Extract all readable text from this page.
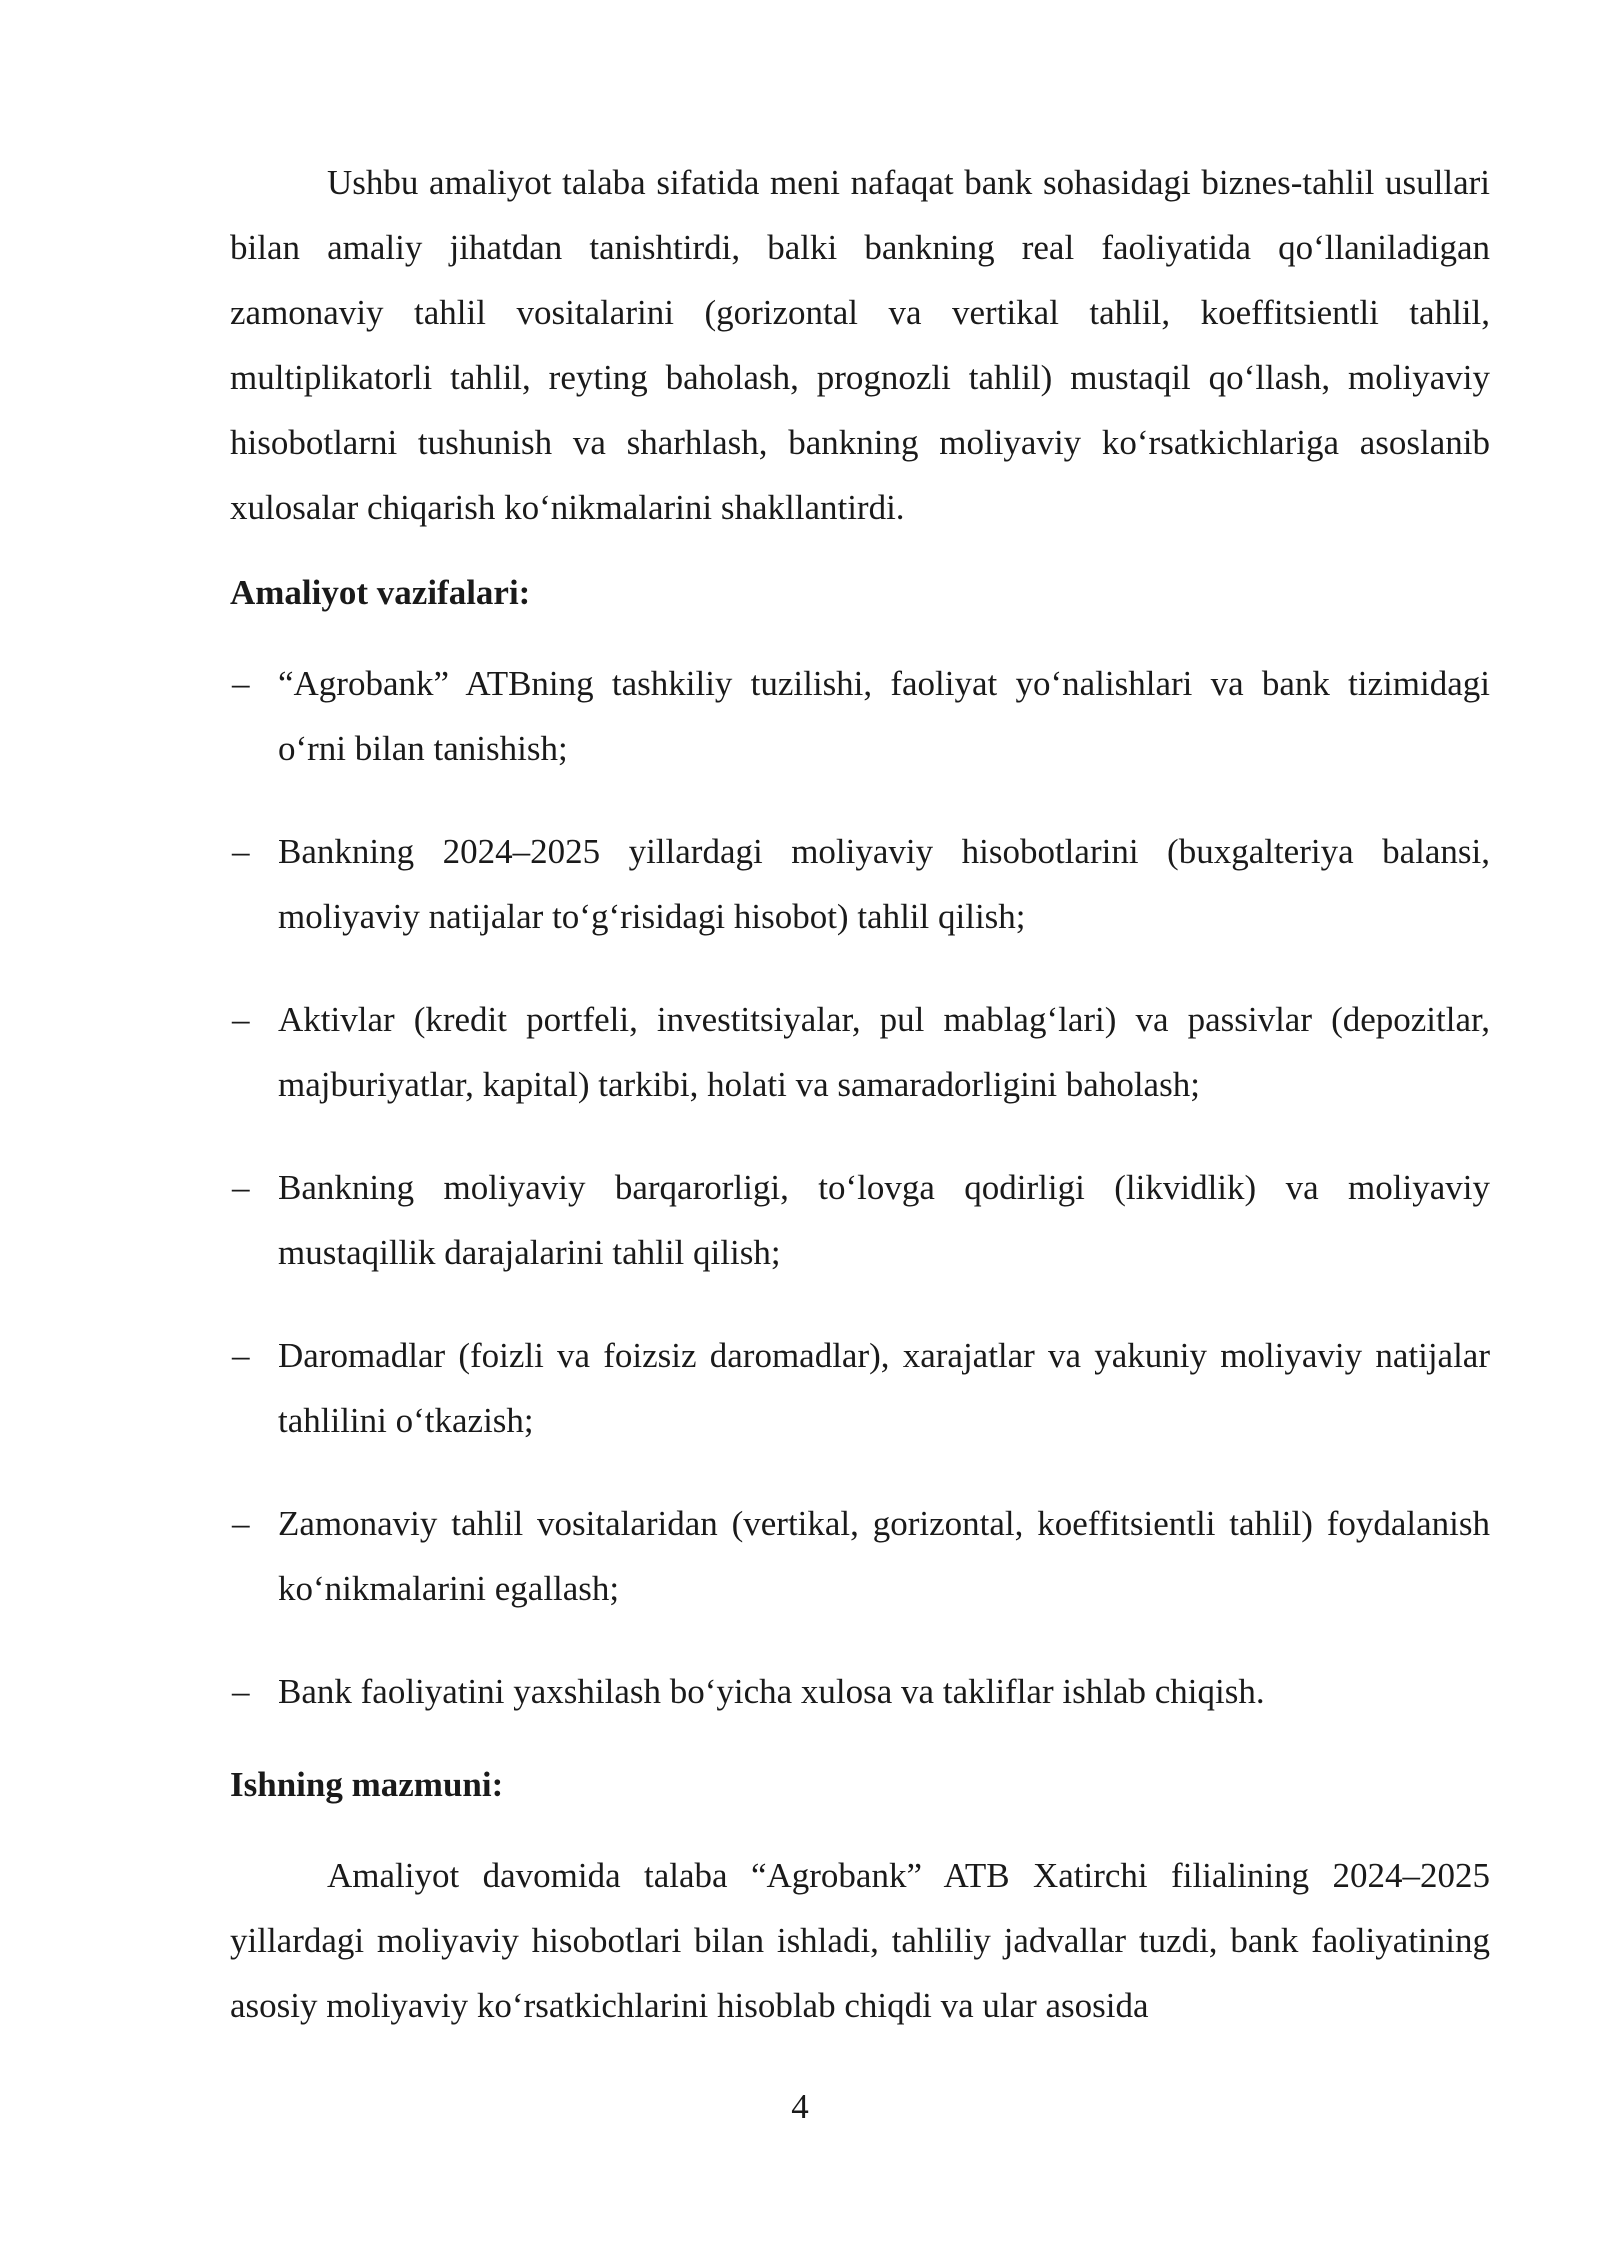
Ushbu amaliyot talaba sifatida meni nafaqat bank sohasidagi biznes-tahlil usullari bilan amaliy jihatdan tanishtirdi, balki bankning real faoliyatida qo‘llaniladigan zamonaviy tahlil vositalarini (gorizontal va vertikal tahlil, koeffitsientli tahlil, multiplikatorli tahlil, reyting baholash, prognozli tahlil) mustaqil qo‘llash, moliyaviy hisobotlarni tushunish va sharhlash, bankning moliyaviy ko‘rsatkichlariga asoslanib xulosalar chiqarish ko‘nikmalarini shakllantirdi.

Amaliyot vazifalari:

– “Agrobank” ATBning tashkiliy tuzilishi, faoliyat yo‘nalishlari va bank tizimidagi o‘rni bilan tanishish;
– Bankning 2024–2025 yillardagi moliyaviy hisobotlarini (buxgalteriya balansi, moliyaviy natijalar to‘g‘risidagi hisobot) tahlil qilish;
– Aktivlar (kredit portfeli, investitsiyalar, pul mablag‘lari) va passivlar (depozitlar, majburiyatlar, kapital) tarkibi, holati va samaradorligini baholash;
– Bankning moliyaviy barqarorligi, to‘lovga qodirligi (likvidlik) va moliyaviy mustaqillik darajalarini tahlil qilish;
– Daromadlar (foizli va foizsiz daromadlar), xarajatlar va yakuniy moliyaviy natijalar tahlilini o‘tkazish;
– Zamonaviy tahlil vositalaridan (vertikal, gorizontal, koeffitsientli tahlil) foydalanish ko‘nikmalarini egallash;
– Bank faoliyatini yaxshilash bo‘yicha xulosa va takliflar ishlab chiqish.

Ishning mazmuni:

Amaliyot davomida talaba “Agrobank” ATB Xatirchi filialining 2024–2025 yillardagi moliyaviy hisobotlari bilan ishladi, tahliliy jadvallar tuzdi, bank faoliyatining asosiy moliyaviy ko‘rsatkichlarini hisoblab chiqdi va ular asosida

4
